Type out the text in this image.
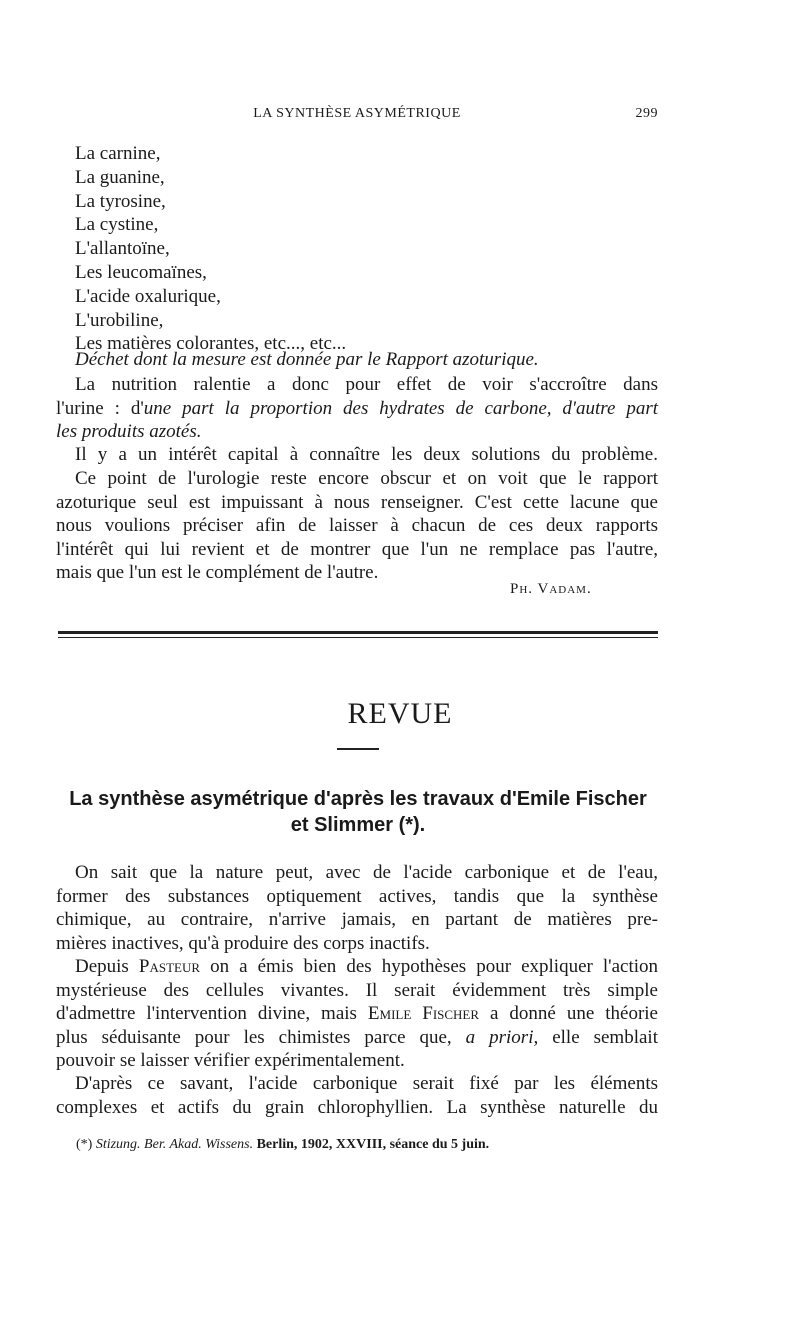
LA SYNTHÈSE ASYMÉTRIQUE	299
La carnine,
La guanine,
La tyrosine,
La cystine,
L'allantoïne,
Les leucomaïnes,
L'acide oxalurique,
L'urobiline,
Les matières colorantes, etc..., etc...
Déchet dont la mesure est donnée par le Rapport azoturique.
La nutrition ralentie a donc pour effet de voir s'accroître dans
l'urine : d'une part la proportion des hydrates de carbone, d'autre part
les produits azotés.
Il y a un intérêt capital à connaître les deux solutions du problème.
Ce point de l'urologie reste encore obscur et on voit que le rapport
azoturique seul est impuissant à nous renseigner. C'est cette lacune que
nous voulions préciser afin de laisser à chacun de ces deux rapports
l'intérêt qui lui revient et de montrer que l'un ne remplace pas l'autre,
mais que l'un est le complément de l'autre.
Ph. Vadam.
REVUE
La synthèse asymétrique d'après les travaux d'Emile Fischer
et Slimmer (*).
On sait que la nature peut, avec de l'acide carbonique et de l'eau,
former des substances optiquement actives, tandis que la synthèse
chimique, au contraire, n'arrive jamais, en partant de matières pre-
mières inactives, qu'à produire des corps inactifs.
Depuis Pasteur on a émis bien des hypothèses pour expliquer l'action
mystérieuse des cellules vivantes. Il serait évidemment très simple
d'admettre l'intervention divine, mais Emile Fischer a donné une théorie
plus séduisante pour les chimistes parce que, a priori, elle semblait
pouvoir se laisser vérifier expérimentalement.
D'après ce savant, l'acide carbonique serait fixé par les éléments
complexes et actifs du grain chlorophyllien. La synthèse naturelle du
(*) Stizung. Ber. Akad. Wissens. Berlin, 1902, XXVIII, séance du 5 juin.
